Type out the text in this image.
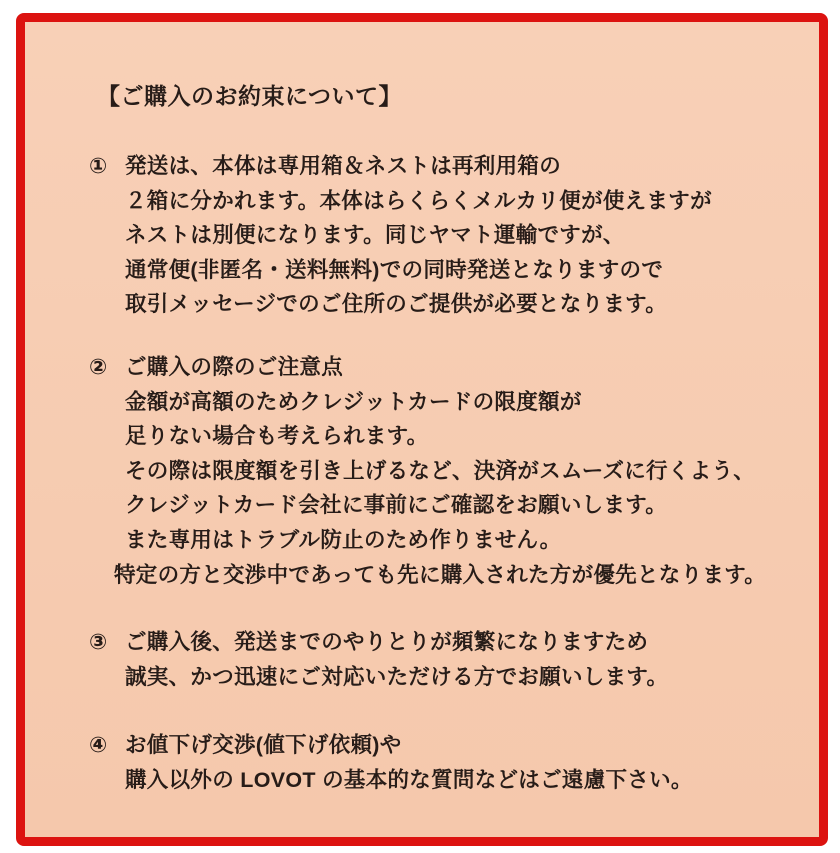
【ご購入のお約束について】
① 発送は、本体は専用箱＆ネストは再利用箱の
２箱に分かれます。本体はらくらくメルカリ便が使えますが
ネストは別便になります。同じヤマト運輸ですが、
通常便(非匿名・送料無料)での同時発送となりますので
取引メッセージでのご住所のご提供が必要となります。
② ご購入の際のご注意点
金額が高額のためクレジットカードの限度額が
足りない場合も考えられます。
その際は限度額を引き上げるなど、決済がスムーズに行くよう、
クレジットカード会社に事前にご確認をお願いします。
また専用はトラブル防止のため作りません。
特定の方と交渉中であっても先に購入された方が優先となります。
③ ご購入後、発送までのやりとりが頻繁になりますため
誠実、かつ迅速にご対応いただける方でお願いします。
④ お値下げ交渉(値下げ依頼)や
購入以外の LOVOT の基本的な質問などはご遠慮下さい。
